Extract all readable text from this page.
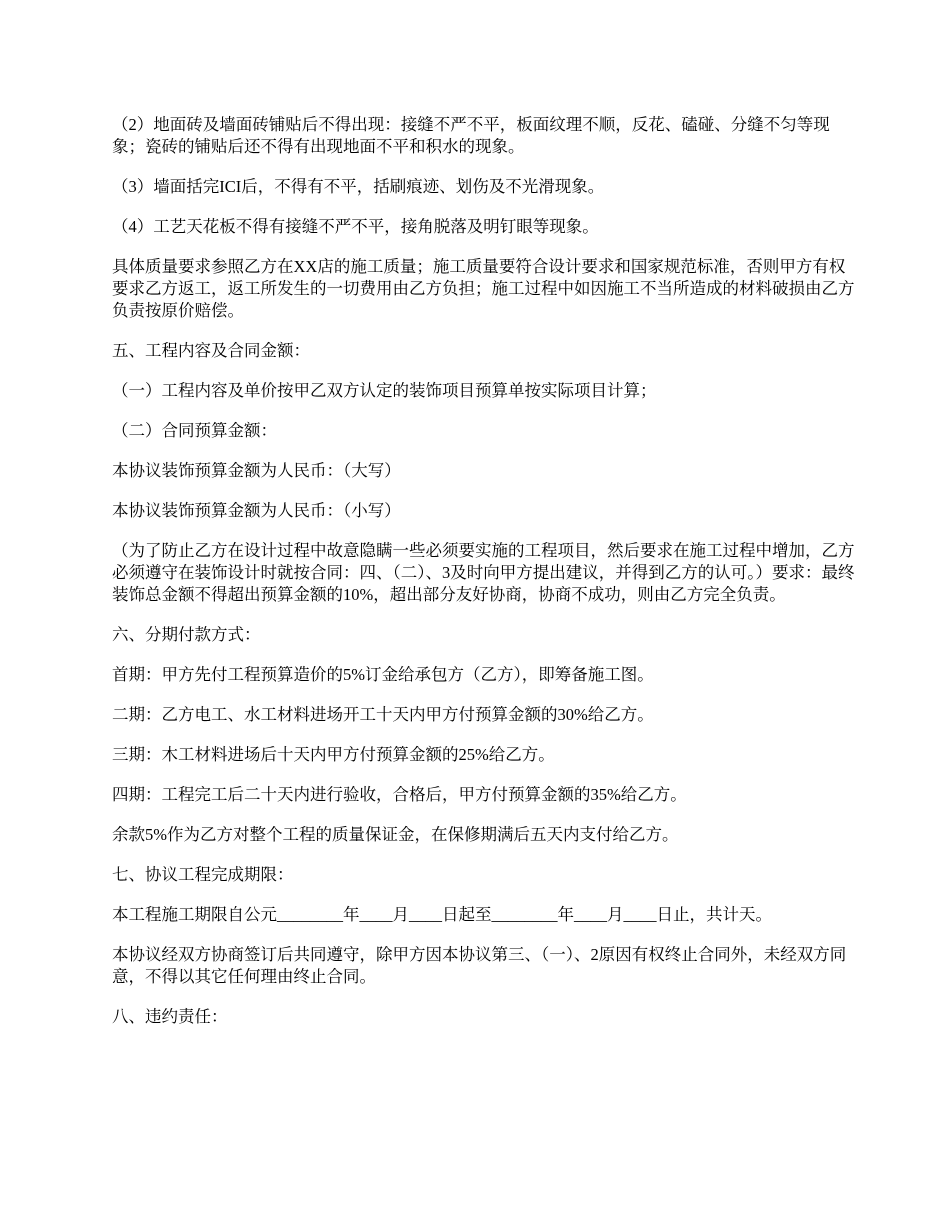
（2）地面砖及墙面砖铺贴后不得出现：接缝不严不平，板面纹理不顺，反花、磕碰、分缝不匀等现象；瓷砖的铺贴后还不得有出现地面不平和积水的现象。

（3）墙面括完ICI后，不得有不平，括刷痕迹、划伤及不光滑现象。

（4）工艺天花板不得有接缝不严不平，接角脱落及明钉眼等现象。

具体质量要求参照乙方在XX店的施工质量；施工质量要符合设计要求和国家规范标准，否则甲方有权要求乙方返工，返工所发生的一切费用由乙方负担；施工过程中如因施工不当所造成的材料破损由乙方负责按原价赔偿。

五、工程内容及合同金额：

（一）工程内容及单价按甲乙双方认定的装饰项目预算单按实际项目计算；

（二）合同预算金额：

本协议装饰预算金额为人民币：（大写）

本协议装饰预算金额为人民币：（小写）

（为了防止乙方在设计过程中故意隐瞒一些必须要实施的工程项目，然后要求在施工过程中增加，乙方必须遵守在装饰设计时就按合同：四、（二）、3及时向甲方提出建议，并得到乙方的认可。）要求：最终装饰总金额不得超出预算金额的10%，超出部分友好协商，协商不成功，则由乙方完全负责。

六、分期付款方式：

首期：甲方先付工程预算造价的5%订金给承包方（乙方），即筹备施工图。

二期：乙方电工、水工材料进场开工十天内甲方付预算金额的30%给乙方。

三期：木工材料进场后十天内甲方付预算金额的25%给乙方。

四期：工程完工后二十天内进行验收，合格后，甲方付预算金额的35%给乙方。

余款5%作为乙方对整个工程的质量保证金，在保修期满后五天内支付给乙方。

七、协议工程完成期限：

本工程施工期限自公元________年____月____日起至________年____月____日止，共计天。

本协议经双方协商签订后共同遵守，除甲方因本协议第三、（一）、2原因有权终止合同外，未经双方同意，不得以其它任何理由终止合同。

八、违约责任：
